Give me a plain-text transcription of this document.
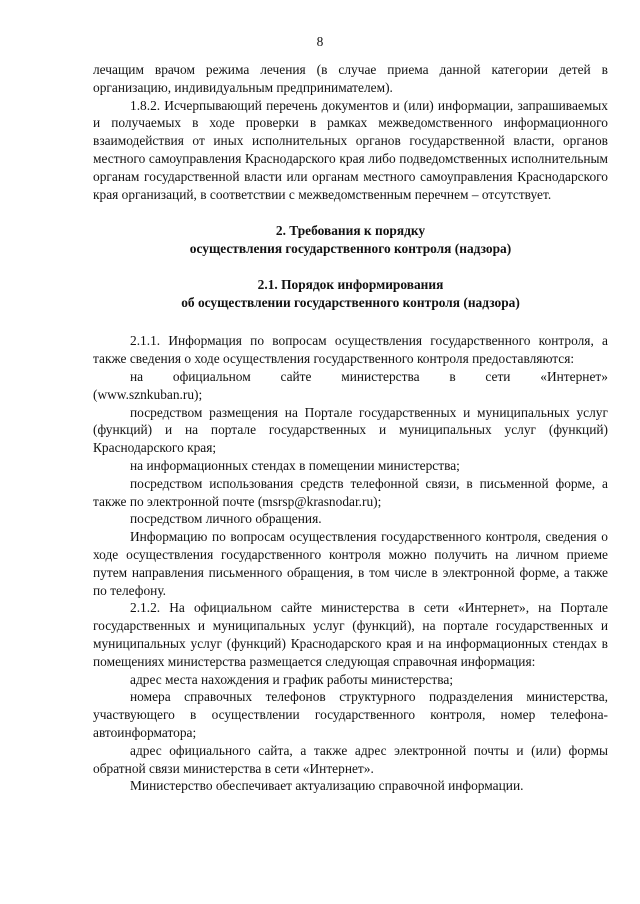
8

лечащим врачом режима лечения (в случае приема данной категории детей в организацию, индивидуальным предпринимателем).

1.8.2. Исчерпывающий перечень документов и (или) информации, запрашиваемых и получаемых в ходе проверки в рамках межведомственного информационного взаимодействия от иных исполнительных органов государственной власти, органов местного самоуправления Краснодарского края либо подведомственных исполнительным органам государственной власти или органам местного самоуправления Краснодарского края организаций, в соответствии с межведомственным перечнем – отсутствует.

2. Требования к порядку
осуществления государственного контроля (надзора)
2.1. Порядок информирования
об осуществлении государственного контроля (надзора)

2.1.1. Информация по вопросам осуществления государственного контроля, а также сведения о ходе осуществления государственного контроля предоставляются:

на официальном сайте министерства в сети «Интернет»

(www.sznkuban.ru);

посредством размещения на Портале государственных и муниципальных услуг (функций) и на портале государственных и муниципальных услуг (функций) Краснодарского края;

на информационных стендах в помещении министерства;

посредством использования средств телефонной связи, в письменной форме, а также по электронной почте (msrsp@krasnodar.ru);

посредством личного обращения.

Информацию по вопросам осуществления государственного контроля, сведения о ходе осуществления государственного контроля можно получить на личном приеме путем направления письменного обращения, в том числе в электронной форме, а также по телефону.

2.1.2. На официальном сайте министерства в сети «Интернет», на Портале государственных и муниципальных услуг (функций), на портале государственных и муниципальных услуг (функций) Краснодарского края и на информационных стендах в помещениях министерства размещается следующая справочная информация:

адрес места нахождения и график работы министерства;

номера справочных телефонов структурного подразделения министерства, участвующего в осуществлении государственного контроля, номер телефона-автоинформатора;

адрес официального сайта, а также адрес электронной почты и (или) формы обратной связи министерства в сети «Интернет».

Министерство обеспечивает актуализацию справочной информации.
